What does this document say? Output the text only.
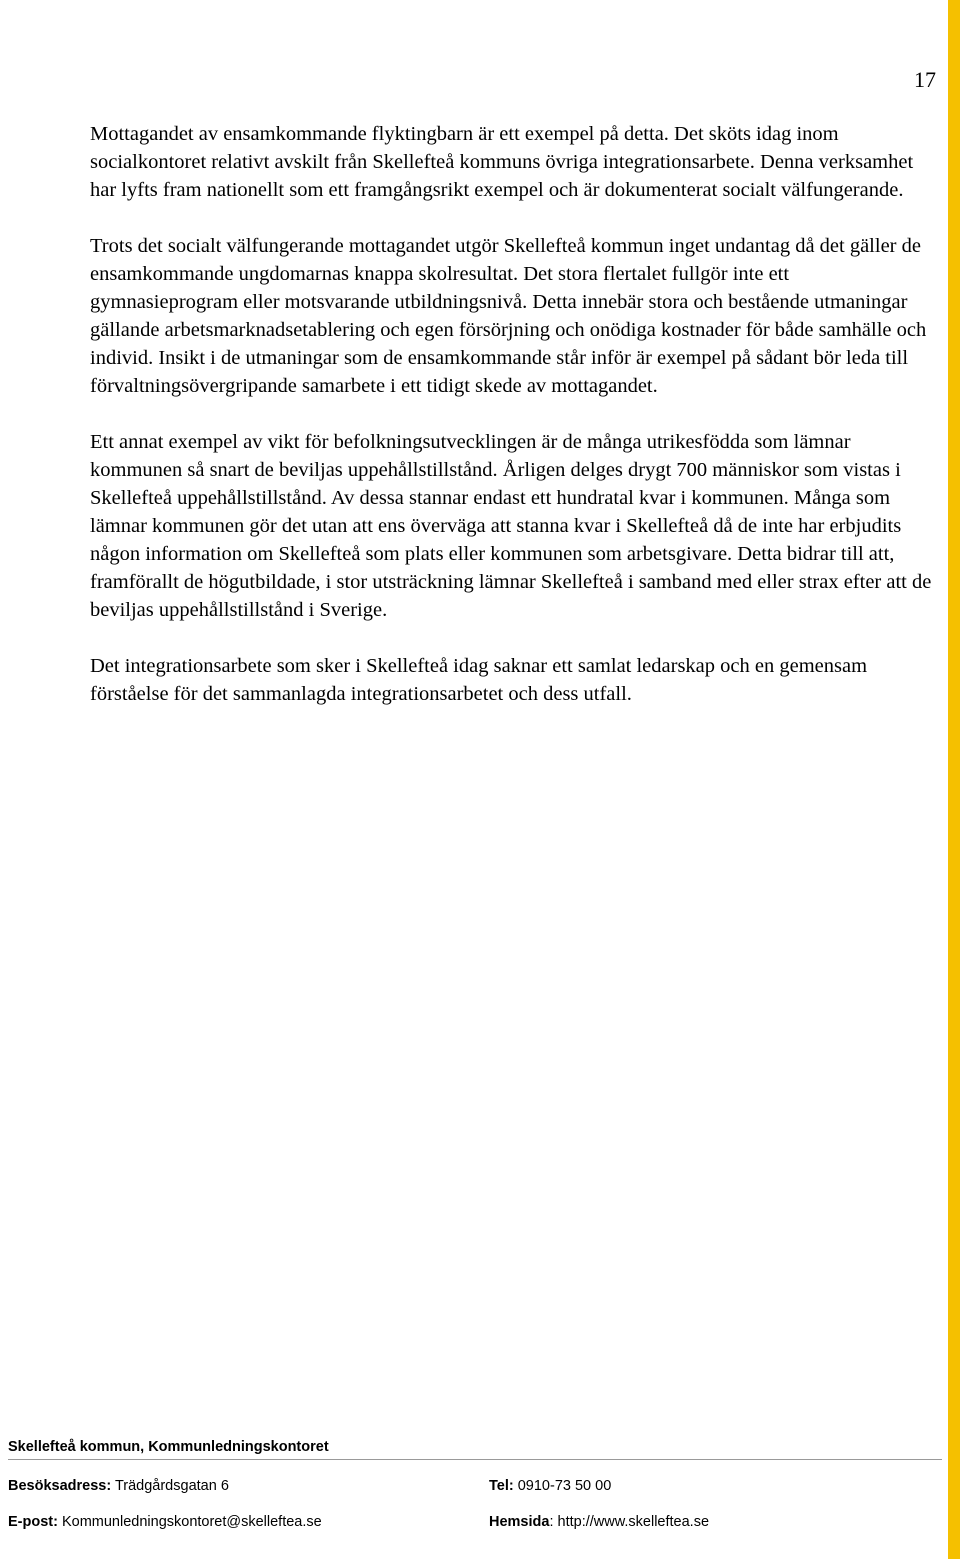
17

Mottagandet av ensamkommande flyktingbarn är ett exempel på detta. Det sköts idag inom socialkontoret relativt avskilt från Skellefteå kommuns övriga integrationsarbete. Denna verksamhet har lyfts fram nationellt som ett framgångsrikt exempel och är dokumenterat socialt välfungerande.

Trots det socialt välfungerande mottagandet utgör Skellefteå kommun inget undantag då det gäller de ensamkommande ungdomarnas knappa skolresultat. Det stora flertalet fullgör inte ett gymnasieprogram eller motsvarande utbildningsnivå. Detta innebär stora och bestående utmaningar gällande arbetsmarknadsetablering och egen försörjning och onödiga kostnader för både samhälle och individ. Insikt i de utmaningar som de ensamkommande står inför är exempel på sådant bör leda till förvaltningsövergripande samarbete i ett tidigt skede av mottagandet.

Ett annat exempel av vikt för befolkningsutvecklingen är de många utrikesfödda som lämnar kommunen så snart de beviljas uppehållstillstånd. Årligen delges drygt 700 människor som vistas i Skellefteå uppehållstillstånd. Av dessa stannar endast ett hundratal kvar i kommunen. Många som lämnar kommunen gör det utan att ens överväga att stanna kvar i Skellefteå då de inte har erbjudits någon information om Skellefteå som plats eller kommunen som arbetsgivare. Detta bidrar till att, framförallt de högutbildade, i stor utsträckning lämnar Skellefteå i samband med eller strax efter att de beviljas uppehållstillstånd i Sverige.

Det integrationsarbete som sker i Skellefteå idag saknar ett samlat ledarskap och en gemensam förståelse för det sammanlagda integrationsarbetet och dess utfall.

Skellefteå kommun, Kommunledningskontoret
Besöksadress: Trädgårdsgatan 6	Tel: 0910-73 50 00
E-post: Kommunledningskontoret@skelleftea.se	Hemsida: http://www.skelleftea.se
